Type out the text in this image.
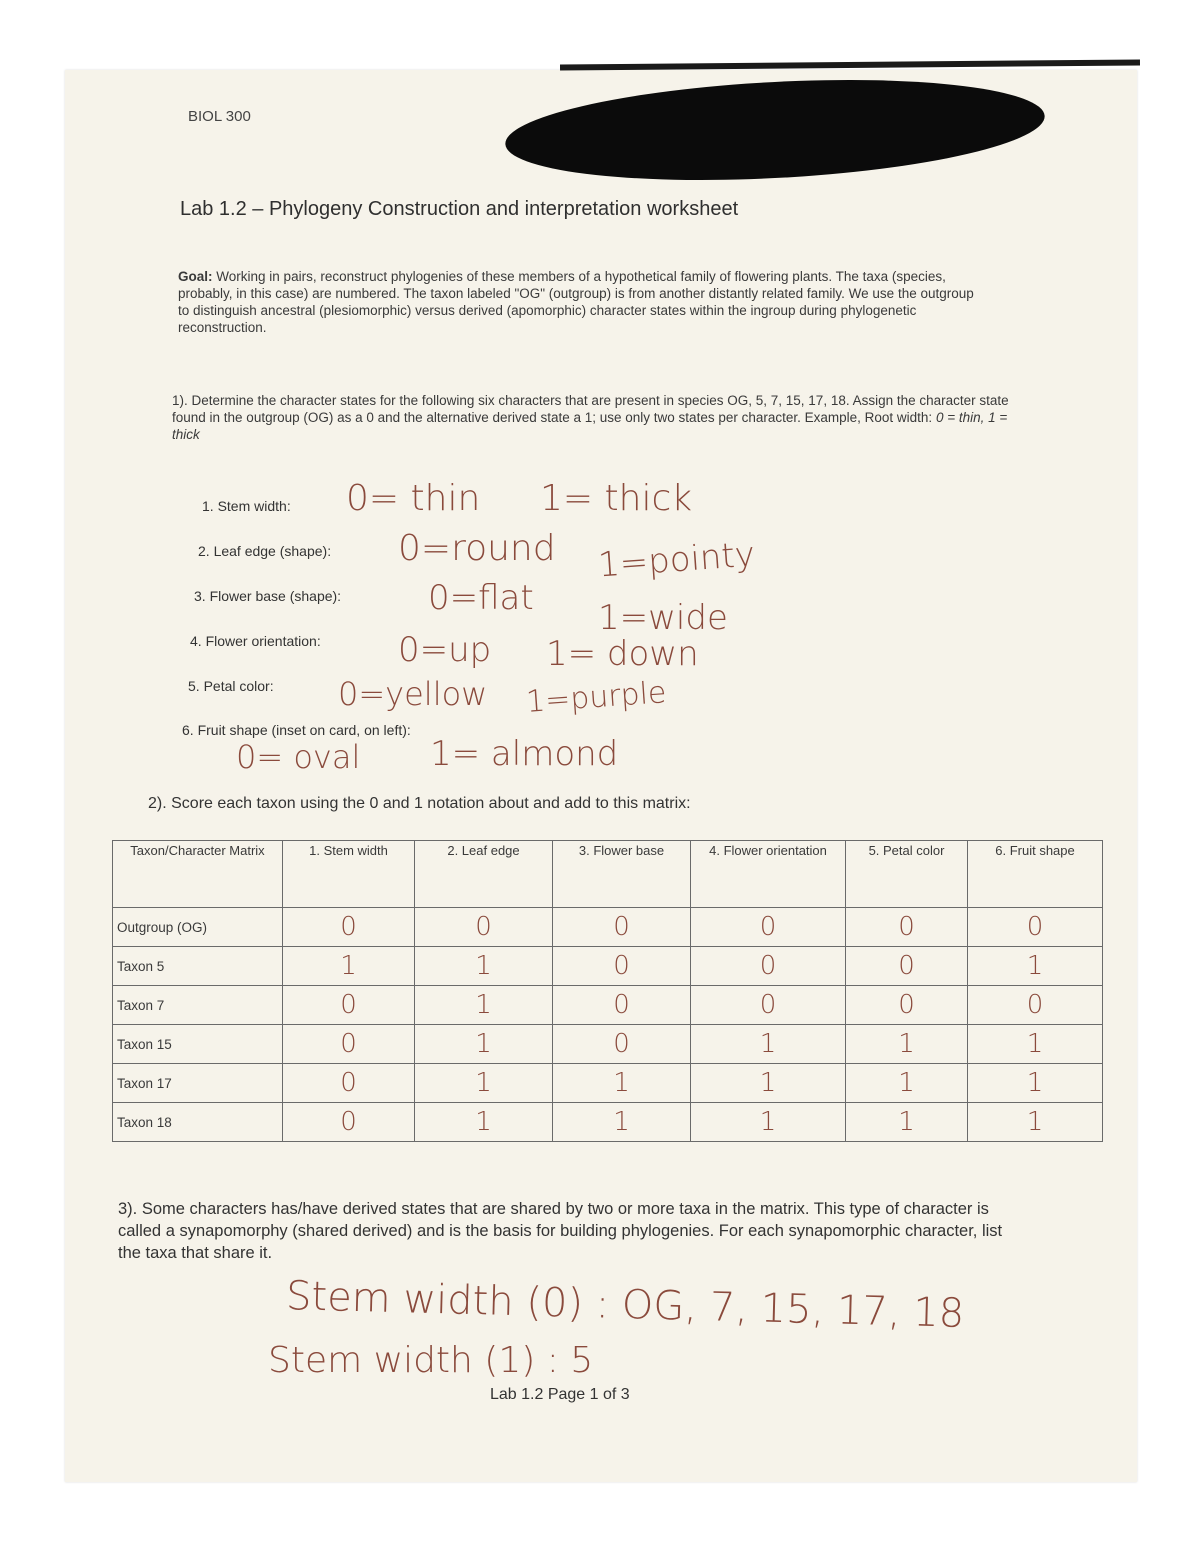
BIOL 300
Lab 1.2 – Phylogeny Construction and interpretation worksheet
Goal: Working in pairs, reconstruct phylogenies of these members of a hypothetical family of flowering plants. The taxa (species, probably, in this case) are numbered. The taxon labeled "OG" (outgroup) is from another distantly related family. We use the outgroup to distinguish ancestral (plesiomorphic) versus derived (apomorphic) character states within the ingroup during phylogenetic reconstruction.
1). Determine the character states for the following six characters that are present in species OG, 5, 7, 15, 17, 18. Assign the character state found in the outgroup (OG) as a 0 and the alternative derived state a 1; use only two states per character. Example, Root width: 0 = thin, 1 = thick
1. Stem width: 0= thin 1= thick
2. Leaf edge (shape): 0=round 1=pointy
3. Flower base (shape):	0=flat 1=wide
4. Flower orientation: 0=up 1= down
5. Petal color: 0=yellow 1=purple
6. Fruit shape (inset on card, on left):
0= oval 1= almond
2). Score each taxon using the 0 and 1 notation about and add to this matrix:
Taxon/Character Matrix	1. Stem width	2. Leaf edge	3. Flower base	4. Flower orientation	5. Petal color	6. Fruit shape
Outgroup (OG)	0	0	0	0	0	0
Taxon 5	1	1	0	0	0	1
Taxon 7	0	1	0	0	0	0
Taxon 15	0	1	0	1	1	1
Taxon 17	0	1	1	1	1	1
Taxon 18	0	1	1	1	1	1
3). Some characters has/have derived states that are shared by two or more taxa in the matrix. This type of character is called a synapomorphy (shared derived) and is the basis for building phylogenies. For each synapomorphic character, list the taxa that share it.
Stem width (0) : OG, 7, 15, 17, 18
Stem width (1) : 5
Lab 1.2 Page 1 of 3
